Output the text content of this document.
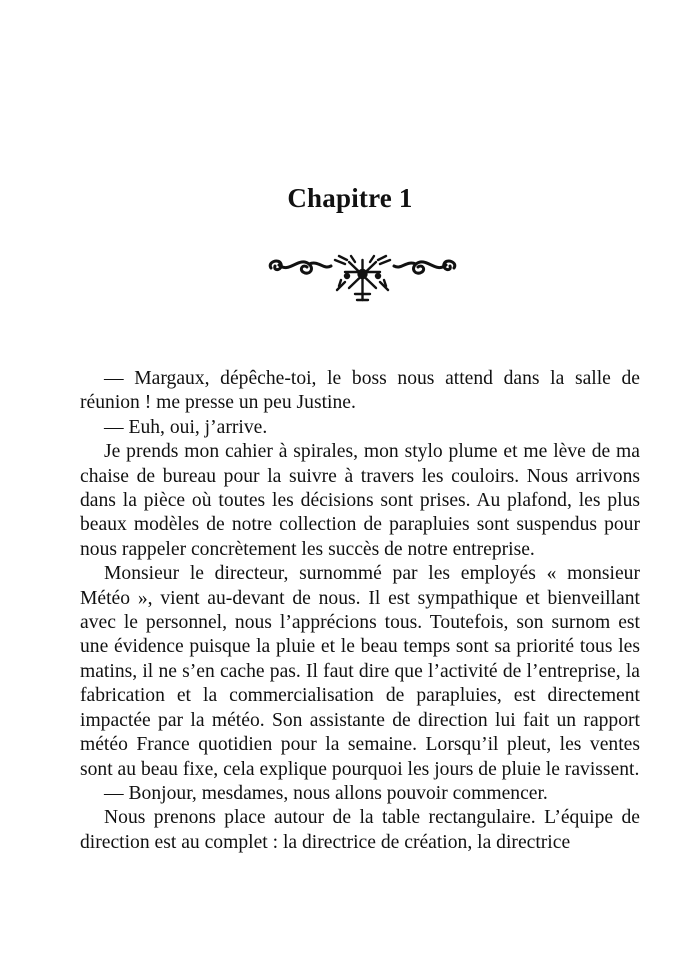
Chapitre 1

— Margaux, dépêche-toi, le boss nous attend dans la salle de réunion ! me presse un peu Justine.

— Euh, oui, j’arrive.

Je prends mon cahier à spirales, mon stylo plume et me lève de ma chaise de bureau pour la suivre à travers les couloirs. Nous arrivons dans la pièce où toutes les décisions sont prises. Au plafond, les plus beaux modèles de notre collection de parapluies sont suspendus pour nous rappeler concrètement les succès de notre entreprise.

Monsieur le directeur, surnommé par les employés « monsieur Météo », vient au-devant de nous. Il est sympathique et bienveillant avec le personnel, nous l’apprécions tous. Toutefois, son surnom est une évidence puisque la pluie et le beau temps sont sa priorité tous les matins, il ne s’en cache pas. Il faut dire que l’activité de l’entreprise, la fabrication et la commercialisation de parapluies, est directement impactée par la météo. Son assistante de direction lui fait un rapport météo France quotidien pour la semaine. Lorsqu’il pleut, les ventes sont au beau fixe, cela explique pourquoi les jours de pluie le ravissent.

— Bonjour, mesdames, nous allons pouvoir commencer.

Nous prenons place autour de la table rectangulaire. L’équipe de direction est au complet : la directrice de création, la directrice
